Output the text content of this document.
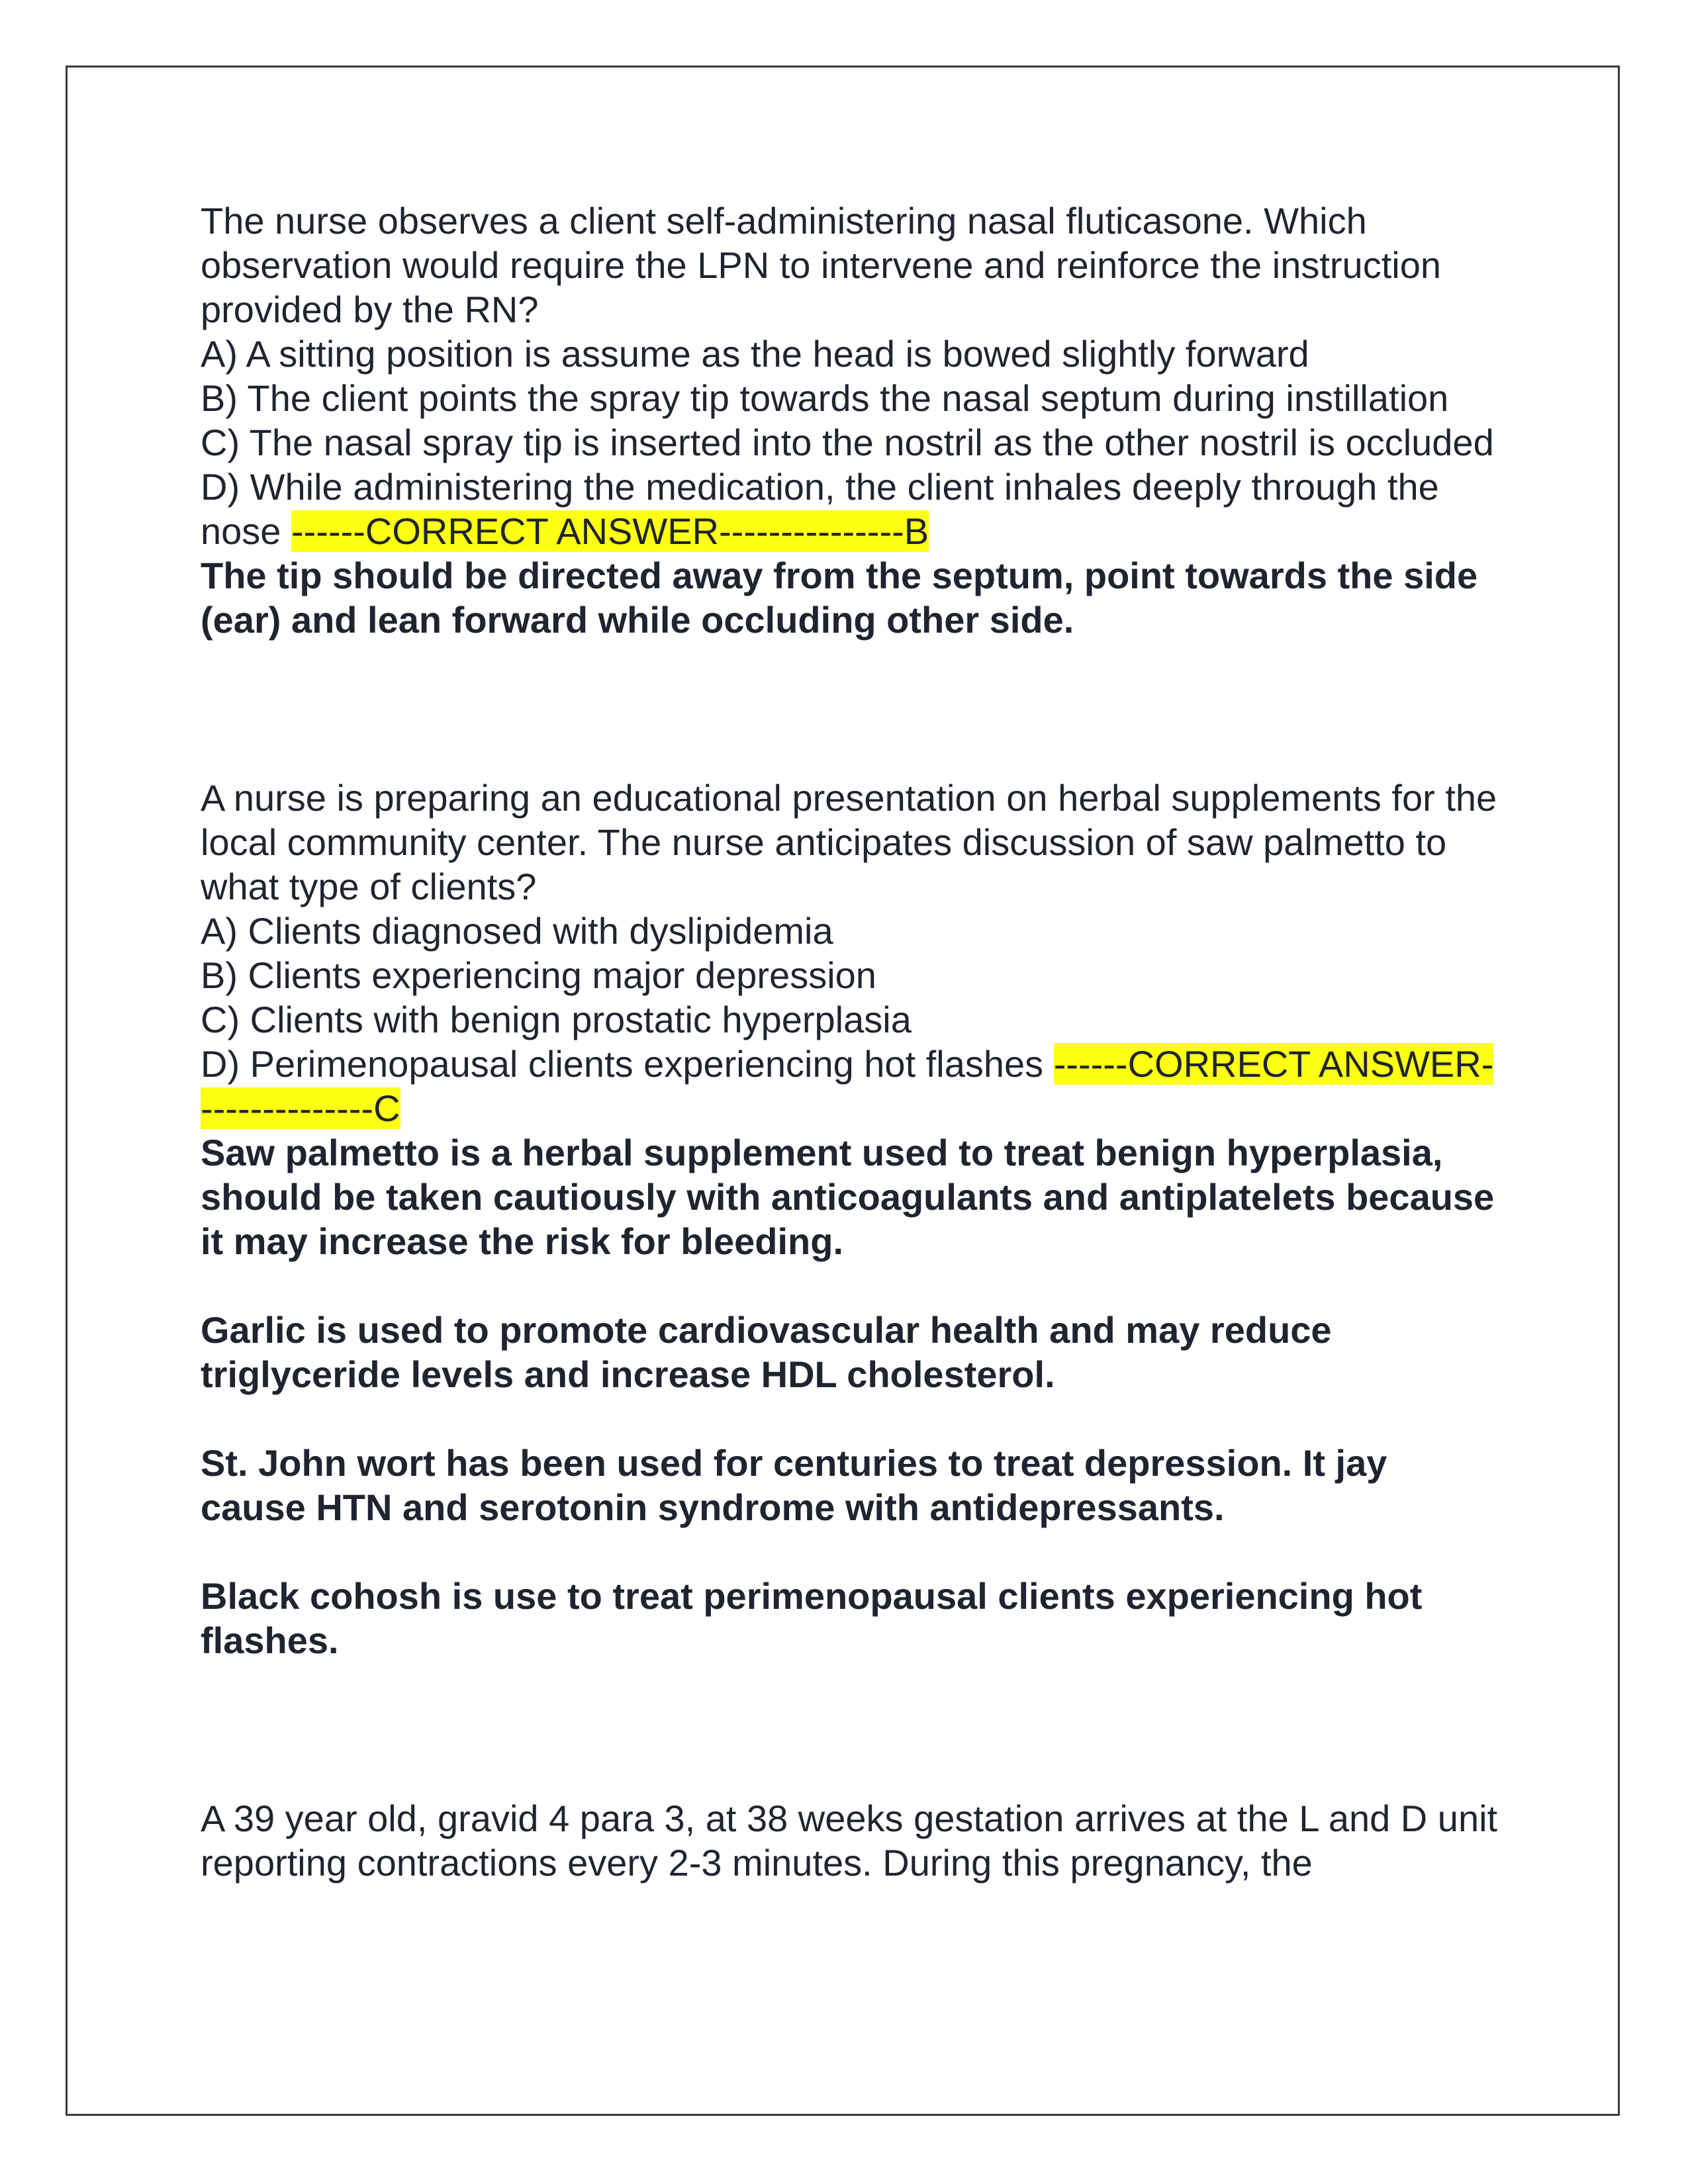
The nurse observes a client self-administering nasal fluticasone. Which observation would require the LPN to intervene and reinforce the instruction provided by the RN?

A) A sitting position is assume as the head is bowed slightly forward

B) The client points the spray tip towards the nasal septum during instillation

C) The nasal spray tip is inserted into the nostril as the other nostril is occluded

D) While administering the medication, the client inhales deeply through the nose ------CORRECT ANSWER---------------B

The tip should be directed away from the septum, point towards the side (ear) and lean forward while occluding other side.

A nurse is preparing an educational presentation on herbal supplements for the local community center. The nurse anticipates discussion of saw palmetto to what type of clients?

A) Clients diagnosed with dyslipidemia

B) Clients experiencing major depression

C) Clients with benign prostatic hyperplasia

D) Perimenopausal clients experiencing hot flashes ------CORRECT ANSWER---------------C

Saw palmetto is a herbal supplement used to treat benign hyperplasia, should be taken cautiously with anticoagulants and antiplatelets because it may increase the risk for bleeding.

Garlic is used to promote cardiovascular health and may reduce triglyceride levels and increase HDL cholesterol.

St. John wort has been used for centuries to treat depression. It jay cause HTN and serotonin syndrome with antidepressants.

Black cohosh is use to treat perimenopausal clients experiencing hot flashes.

A 39 year old, gravid 4 para 3, at 38 weeks gestation arrives at the L and D unit reporting contractions every 2-3 minutes. During this pregnancy, the
